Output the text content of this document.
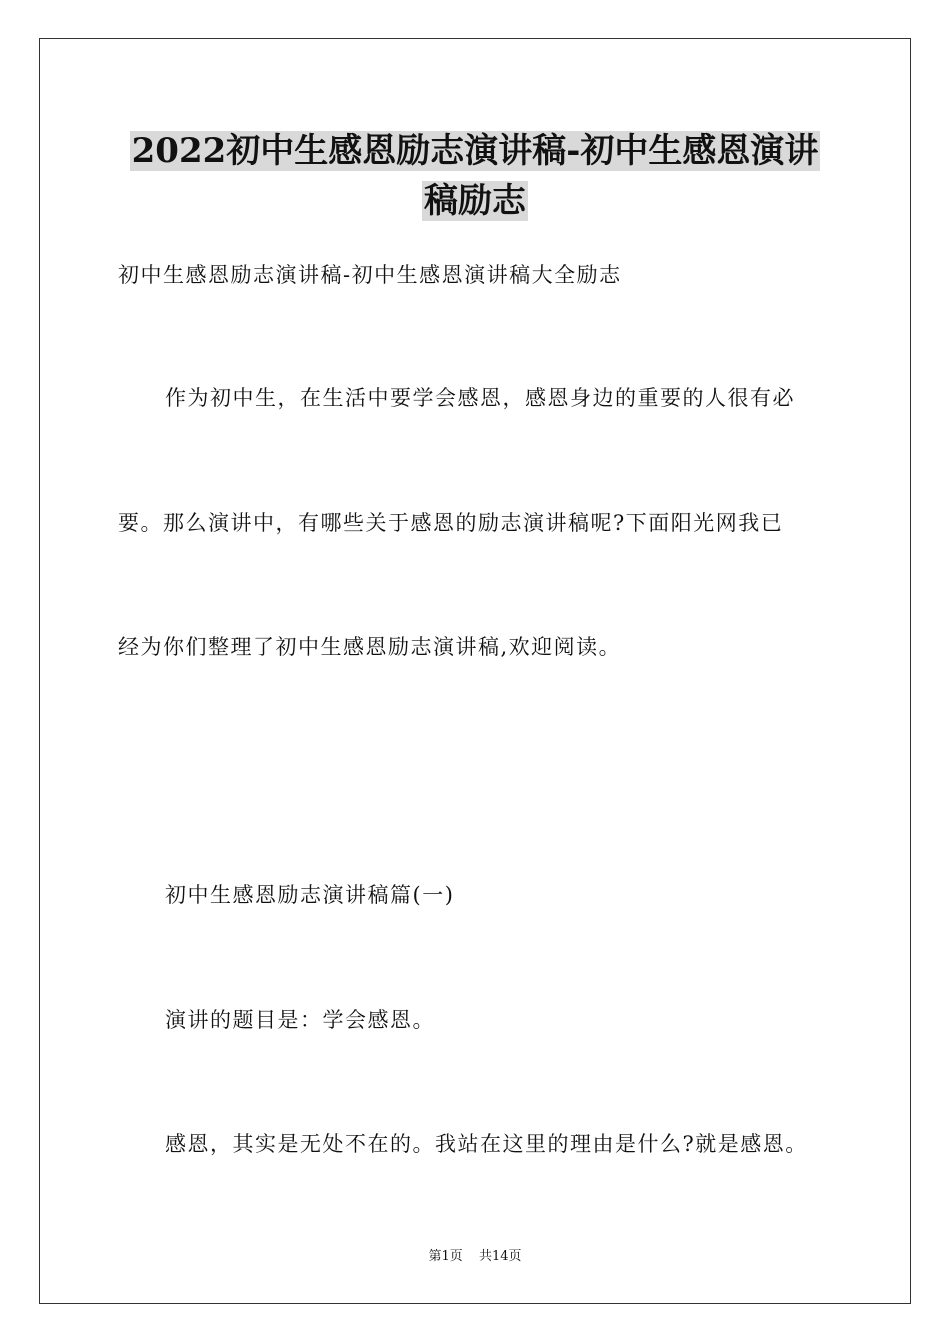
2022初中生感恩励志演讲稿-初中生感恩演讲
稿励志
初中生感恩励志演讲稿-初中生感恩演讲稿大全励志
作为初中生，在生活中要学会感恩，感恩身边的重要的人很有必
要。那么演讲中，有哪些关于感恩的励志演讲稿呢?下面阳光网我已
经为你们整理了初中生感恩励志演讲稿,欢迎阅读。
初中生感恩励志演讲稿篇(一)
演讲的题目是：学会感恩。
感恩，其实是无处不在的。我站在这里的理由是什么?就是感恩。
第1页 共14页
